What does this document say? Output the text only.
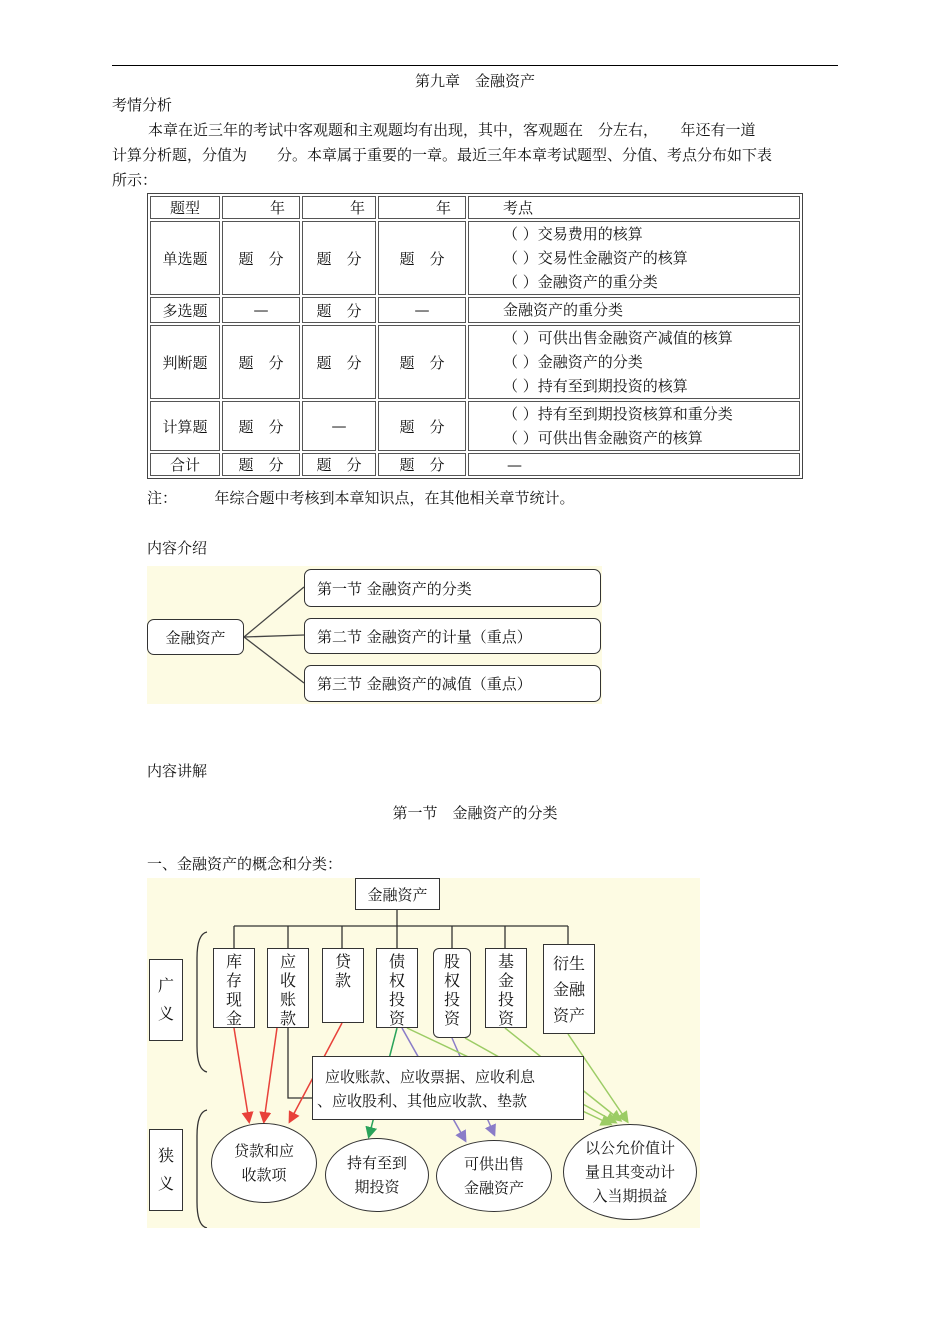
第九章　金融资产
考情分析
本章在近三年的考试中客观题和主观题均有出现，其中，客观题在　分左右，　　年还有一道
计算分析题，分值为　　分。本章属于重要的一章。最近三年本章考试题型、分值、考点分布如下表
所示：
题型	年	年	年	考点
单选题	题　分	题　分	题　分	（ ）交易费用的核算
（ ）交易性金融资产的核算
（ ）金融资产的重分类

多选题	—	题　分	—	金融资产的重分类

判断题	题　分	题　分	题　分	（ ）可供出售金融资产减值的核算
（ ）金融资产的分类
（ ）持有至到期投资的核算

计算题	题　分	—	题　分	（ ）持有至到期投资核算和重分类
（ ）可供出售金融资产的核算

合计	题　分	题　分	题　分	—
注：　　　年综合题中考核到本章知识点，在其他相关章节统计。
内容介绍
金融资产
第一节 金融资产的分类
第二节 金融资产的计量（重点）
第三节 金融资产的减值（重点）
内容讲解
第一节　金融资产的分类
一、金融资产的概念和分类：
金融资产
广
义
狭
义
库
存
现
金
应
收
账
款
贷
款
债
权
投
资
股
权
投
资
基
金
投
资
衍生
金融
资产
应收账款、应收票据、应收利息
、应收股利、其他应收款、垫款
贷款和应
收款项
持有至到
期投资
可供出售
金融资产
以公允价值计
量且其变动计
入当期损益
